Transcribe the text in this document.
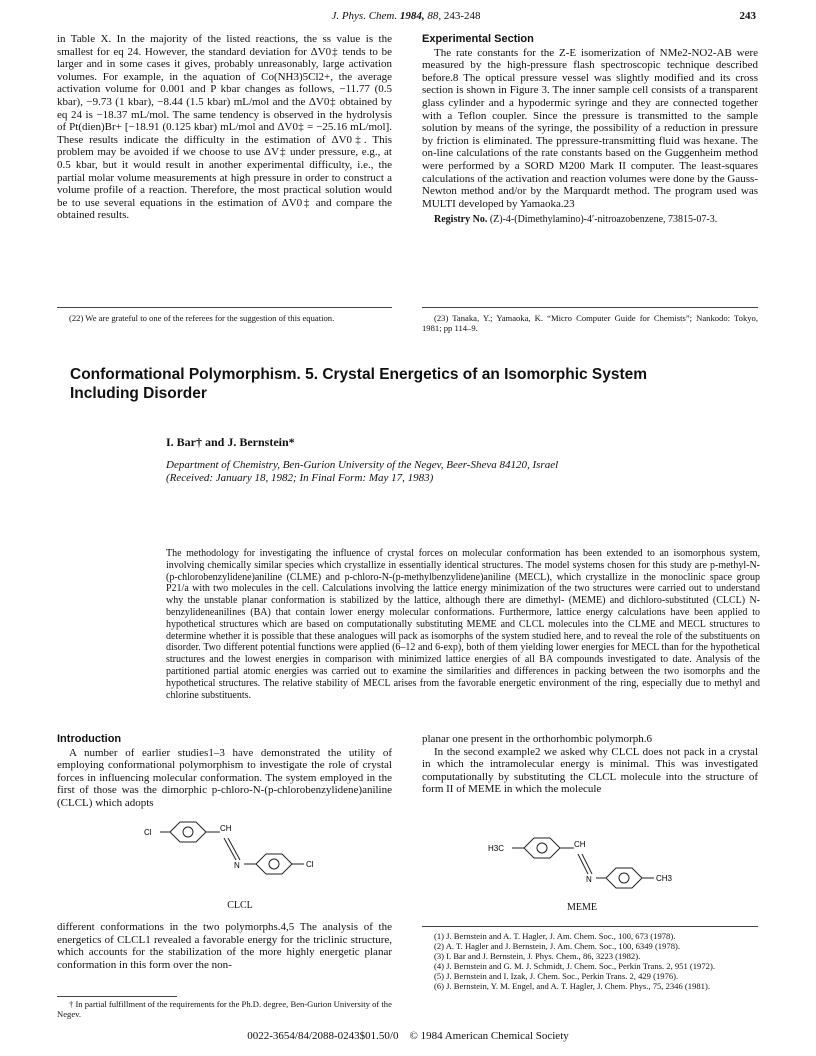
J. Phys. Chem. 1984, 88, 243-248	243

in Table X. In the majority of the listed reactions, the ss value is the smallest for eq 24. However, the standard deviation for ΔV0‡ tends to be larger and in some cases it gives, probably unreasonably, large activation volumes. For example, in the aquation of Co(NH3)5Cl2+, the average activation volume for 0.001 and P kbar changes as follows, −11.77 (0.5 kbar), −9.73 (1 kbar), −8.44 (1.5 kbar) mL/mol and the ΔV0‡ obtained by eq 24 is −18.37 mL/mol. The same tendency is observed in the hydrolysis of Pt(dien)Br+ [−18.91 (0.125 kbar) mL/mol and ΔV0‡ = −25.16 mL/mol]. These results indicate the difficulty in the estimation of ΔV0‡. This problem may be avoided if we choose to use ΔV‡ under pressure, e.g., at 0.5 kbar, but it would result in another experimental difficulty, i.e., the partial molar volume measurements at high pressure in order to construct a volume profile of a reaction. Therefore, the most practical solution would be to use several equations in the estimation of ΔV0‡ and compare the obtained results.

Experimental Section

The rate constants for the Z-E isomerization of NMe2-NO2-AB were measured by the high-pressure flash spectroscopic technique described before.8 The optical pressure vessel was slightly modified and its cross section is shown in Figure 3. The inner sample cell consists of a transparent glass cylinder and a hypodermic syringe and they are connected together with a Teflon coupler. Since the pressure is transmitted to the sample solution by means of the syringe, the possibility of a reduction in pressure by friction is eliminated. The ppressure-transmitting fluid was hexane. The on-line calculations of the rate constants based on the Guggenheim method were performed by a SORD M200 Mark II computer. The least-squares calculations of the activation and reaction volumes were done by the Gauss-Newton method and/or by the Marquardt method. The program used was MULTI developed by Yamaoka.23

Registry No. (Z)-4-(Dimethylamino)-4′-nitroazobenzene, 73815-07-3.

(22) We are grateful to one of the referees for the suggestion of this equation.	(23) Tanaka, Y.; Yamaoka, K. “Micro Computer Guide for Chemists”; Nankodo: Tokyo, 1981; pp 114–9.
Conformational Polymorphism. 5. Crystal Energetics of an Isomorphic System
Including Disorder
I. Bar† and J. Bernstein*
Department of Chemistry, Ben-Gurion University of the Negev, Beer-Sheva 84120, Israel
(Received: January 18, 1982; In Final Form: May 17, 1983)
The methodology for investigating the influence of crystal forces on molecular conformation has been extended to an isomorphous system, involving chemically similar species which crystallize in essentially identical structures. The model systems chosen for this study are p-methyl-N-(p-chlorobenzylidene)aniline (CLME) and p-chloro-N-(p-methylbenzylidene)aniline (MECL), which crystallize in the monoclinic space group P21/a with two molecules in the cell. Calculations involving the lattice energy minimization of the two structures were carried out to understand why the unstable planar conformation is stabilized by the lattice, although there are dimethyl- (MEME) and dichloro-substituted (CLCL) N-benzylideneanilines (BA) that contain lower energy molecular conformations. Furthermore, lattice energy calculations have been applied to hypothetical structures which are based on computationally substituting MEME and CLCL molecules into the CLME and MECL structures to determine whether it is possible that these analogues will pack as isomorphs of the system studied here, and to reveal the role of the substituents on disorder. Two different potential functions were applied (6–12 and 6-exp), both of them yielding lower energies for MECL than for the hypothetical structures and the lowest energies in comparison with minimized lattice energies of all BA compounds investigated to date. Analysis of the partitioned partial atomic energies was carried out to examine the similarities and differences in packing between the two isomorphs and the hypothetical structures. The relative stability of MECL arises from the favorable energetic environment of the ring, especially due to methyl and chlorine substituents.
Introduction

A number of earlier studies1–3 have demonstrated the utility of employing conformational polymorphism to investigate the role of crystal forces in influencing molecular conformation. The system employed in the first of those was the dimorphic p-chloro-N-(p-chlorobenzylidene)aniline (CLCL) which adopts

Cl	CH
N	Cl
CLCL

different conformations in the two polymorphs.4,5 The analysis of the energetics of CLCL1 revealed a favorable energy for the triclinic structure, which accounts for the stabilization of the more highly energetic planar conformation in this form over the non-

† In partial fulfillment of the requirements for the Ph.D. degree, Ben-Gurion University of the Negev.

planar one present in the orthorhombic polymorph.6

In the second example2 we asked why CLCL does not pack in a crystal in which the intramolecular energy is minimal. This was investigated computationally by substituting the CLCL molecule into the structure of form II of MEME in which the molecule

H3C	CH
N	CH3
MEME
(1) J. Bernstein and A. T. Hagler, J. Am. Chem. Soc., 100, 673 (1978).
(2) A. T. Hagler and J. Bernstein, J. Am. Chem. Soc., 100, 6349 (1978).
(3) I. Bar and J. Bernstein, J. Phys. Chem., 86, 3223 (1982).
(4) J. Bernstein and G. M. J. Schmidt, J. Chem. Soc., Perkin Trans. 2, 951 (1972).
(5) J. Bernstein and I. Izak, J. Chem. Soc., Perkin Trans. 2, 429 (1976).
(6) J. Bernstein, Y. M. Engel, and A. T. Hagler, J. Chem. Phys., 75, 2346 (1981).
0022-3654/84/2088-0243$01.50/0 © 1984 American Chemical Society
